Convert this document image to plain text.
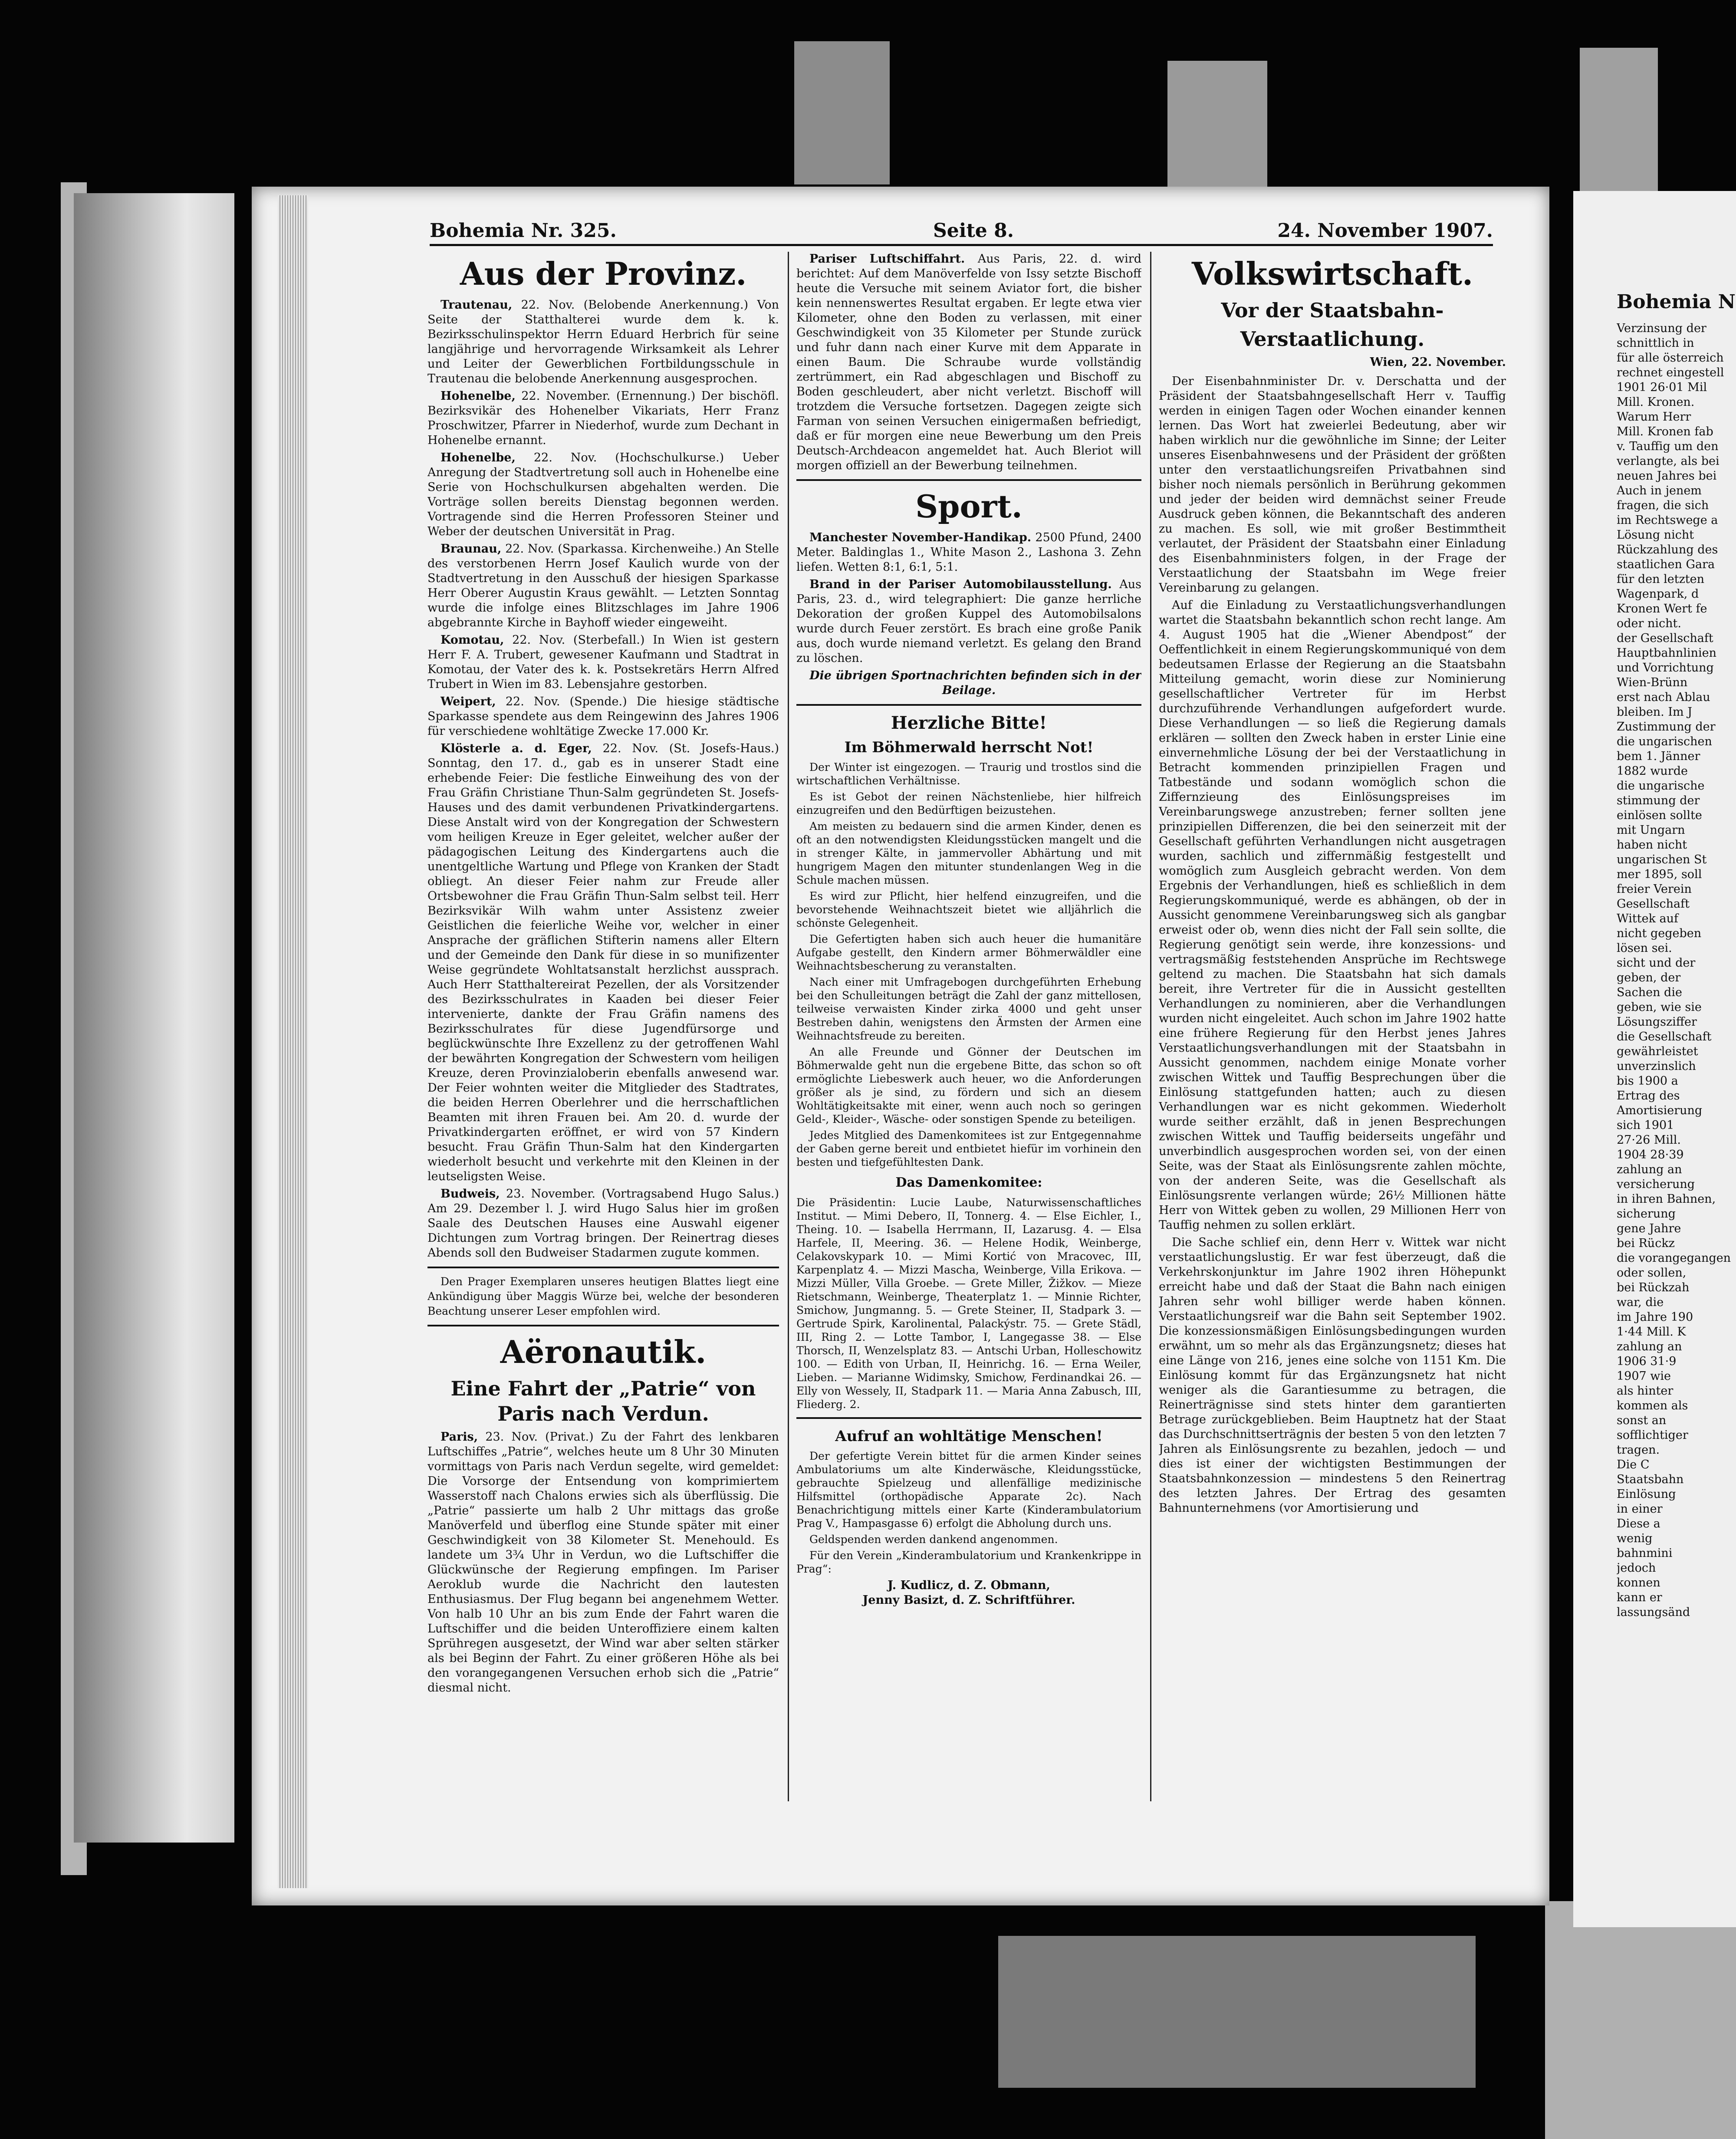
Bohemia Nr. 325.	Seite 8.	24. November 1907.
Aus der Provinz.

Trautenau, 22. Nov. (Belobende Anerkennung.) Von Seite der Statthalterei wurde dem k. k. Bezirksschulinspektor Herrn Eduard Herbrich für seine langjährige und hervorragende Wirksamkeit als Lehrer und Leiter der Gewerblichen Fortbildungsschule in Trautenau die belobende Anerkennung ausgesprochen.

Hohenelbe, 22. November. (Ernennung.) Der bischöfl. Bezirksvikär des Hohenelber Vikariats, Herr Franz Proschwitzer, Pfarrer in Niederhof, wurde zum Dechant in Hohenelbe ernannt.

Hohenelbe, 22. Nov. (Hochschulkurse.) Ueber Anregung der Stadtvertretung soll auch in Hohenelbe eine Serie von Hochschulkursen abgehalten werden. Die Vorträge sollen bereits Dienstag begonnen werden. Vortragende sind die Herren Professoren Steiner und Weber der deutschen Universität in Prag.

Braunau, 22. Nov. (Sparkassa. Kirchenweihe.) An Stelle des verstorbenen Herrn Josef Kaulich wurde von der Stadtvertretung in den Ausschuß der hiesigen Sparkasse Herr Oberer Augustin Kraus gewählt. — Letzten Sonntag wurde die infolge eines Blitzschlages im Jahre 1906 abgebrannte Kirche in Bayhoff wieder eingeweiht.

Komotau, 22. Nov. (Sterbefall.) In Wien ist gestern Herr F. A. Trubert, gewesener Kaufmann und Stadtrat in Komotau, der Vater des k. k. Postsekretärs Herrn Alfred Trubert in Wien im 83. Lebensjahre gestorben.

Weipert, 22. Nov. (Spende.) Die hiesige städtische Sparkasse spendete aus dem Reingewinn des Jahres 1906 für verschiedene wohltätige Zwecke 17.000 Kr.

Klösterle a. d. Eger, 22. Nov. (St. Josefs-Haus.) Sonntag, den 17. d., gab es in unserer Stadt eine erhebende Feier: Die festliche Einweihung des von der Frau Gräfin Christiane Thun-Salm gegründeten St. Josefs-Hauses und des damit verbundenen Privatkindergartens. Diese Anstalt wird von der Kongregation der Schwestern vom heiligen Kreuze in Eger geleitet, welcher außer der pädagogischen Leitung des Kindergartens auch die unentgeltliche Wartung und Pflege von Kranken der Stadt obliegt. An dieser Feier nahm zur Freude aller Ortsbewohner die Frau Gräfin Thun-Salm selbst teil. Herr Bezirksvikär Wilh wahm unter Assistenz zweier Geistlichen die feierliche Weihe vor, welcher in einer Ansprache der gräflichen Stifterin namens aller Eltern und der Gemeinde den Dank für diese in so munifizenter Weise gegründete Wohltatsanstalt herzlichst aussprach. Auch Herr Statthaltereirat Pezellen, der als Vorsitzender des Bezirksschulrates in Kaaden bei dieser Feier intervenierte, dankte der Frau Gräfin namens des Bezirksschulrates für diese Jugendfürsorge und beglückwünschte Ihre Exzellenz zu der getroffenen Wahl der bewährten Kongregation der Schwestern vom heiligen Kreuze, deren Provinzialoberin ebenfalls anwesend war. Der Feier wohnten weiter die Mitglieder des Stadtrates, die beiden Herren Oberlehrer und die herrschaftlichen Beamten mit ihren Frauen bei. Am 20. d. wurde der Privatkindergarten eröffnet, er wird von 57 Kindern besucht. Frau Gräfin Thun-Salm hat den Kindergarten wiederholt besucht und verkehrte mit den Kleinen in der leutseligsten Weise.

Budweis, 23. November. (Vortragsabend Hugo Salus.) Am 29. Dezember l. J. wird Hugo Salus hier im großen Saale des Deutschen Hauses eine Auswahl eigener Dichtungen zum Vortrag bringen. Der Reinertrag dieses Abends soll den Budweiser Stadarmen zugute kommen.

Den Prager Exemplaren unseres heutigen Blattes liegt eine Ankündigung über Maggis Würze bei, welche der besonderen Beachtung unserer Leser empfohlen wird.

Aëronautik.
Eine Fahrt der „Patrie“ von Paris nach Verdun.

Paris, 23. Nov. (Privat.) Zu der Fahrt des lenkbaren Luftschiffes „Patrie“, welches heute um 8 Uhr 30 Minuten vormittags von Paris nach Verdun segelte, wird gemeldet: Die Vorsorge der Entsendung von komprimiertem Wasserstoff nach Chalons erwies sich als überflüssig. Die „Patrie“ passierte um halb 2 Uhr mittags das große Manöverfeld und überflog eine Stunde später mit einer Geschwindigkeit von 38 Kilometer St. Menehould. Es landete um 3¾ Uhr in Verdun, wo die Luftschiffer die Glückwünsche der Regierung empfingen. Im Pariser Aeroklub wurde die Nachricht den lautesten Enthusiasmus. Der Flug begann bei angenehmem Wetter. Von halb 10 Uhr an bis zum Ende der Fahrt waren die Luftschiffer und die beiden Unteroffiziere einem kalten Sprühregen ausgesetzt, der Wind war aber selten stärker als bei Beginn der Fahrt. Zu einer größeren Höhe als bei den vorangegangenen Versuchen erhob sich die „Patrie“ diesmal nicht.

Pariser Luftschiffahrt. Aus Paris, 22. d. wird berichtet: Auf dem Manöverfelde von Issy setzte Bischoff heute die Versuche mit seinem Aviator fort, die bisher kein nennenswertes Resultat ergaben. Er legte etwa vier Kilometer, ohne den Boden zu verlassen, mit einer Geschwindigkeit von 35 Kilometer per Stunde zurück und fuhr dann nach einer Kurve mit dem Apparate in einen Baum. Die Schraube wurde vollständig zertrümmert, ein Rad abgeschlagen und Bischoff zu Boden geschleudert, aber nicht verletzt. Bischoff will trotzdem die Versuche fortsetzen. Dagegen zeigte sich Farman von seinen Versuchen einigermaßen befriedigt, daß er für morgen eine neue Bewerbung um den Preis Deutsch-Archdeacon angemeldet hat. Auch Bleriot will morgen offiziell an der Bewerbung teilnehmen.

Sport.

Manchester November-Handikap. 2500 Pfund, 2400 Meter. Baldinglas 1., White Mason 2., Lashona 3. Zehn liefen. Wetten 8:1, 6:1, 5:1.

Brand in der Pariser Automobilausstellung. Aus Paris, 23. d., wird telegraphiert: Die ganze herrliche Dekoration der großen Kuppel des Automobilsalons wurde durch Feuer zerstört. Es brach eine große Panik aus, doch wurde niemand verletzt. Es gelang den Brand zu löschen.

Die übrigen Sportnachrichten befinden sich in der Beilage.

Herzliche Bitte!
Im Böhmerwald herrscht Not!

Der Winter ist eingezogen. — Traurig und trostlos sind die wirtschaftlichen Verhältnisse.

Es ist Gebot der reinen Nächstenliebe, hier hilfreich einzugreifen und den Bedürftigen beizustehen.

Am meisten zu bedauern sind die armen Kinder, denen es oft an den notwendigsten Kleidungsstücken mangelt und die in strenger Kälte, in jammervoller Abhärtung und mit hungrigem Magen den mitunter stundenlangen Weg in die Schule machen müssen.

Es wird zur Pflicht, hier helfend einzugreifen, und die bevorstehende Weihnachtszeit bietet wie alljährlich die schönste Gelegenheit.

Die Gefertigten haben sich auch heuer die humanitäre Aufgabe gestellt, den Kindern armer Böhmerwäldler eine Weihnachtsbescherung zu veranstalten.

Nach einer mit Umfragebogen durchgeführten Erhebung bei den Schulleitungen beträgt die Zahl der ganz mittellosen, teilweise verwaisten Kinder zirka 4000 und geht unser Bestreben dahin, wenigstens den Ärmsten der Armen eine Weihnachtsfreude zu bereiten.

An alle Freunde und Gönner der Deutschen im Böhmerwalde geht nun die ergebene Bitte, das schon so oft ermöglichte Liebeswerk auch heuer, wo die Anforderungen größer als je sind, zu fördern und sich an diesem Wohltätigkeitsakte mit einer, wenn auch noch so geringen Geld-, Kleider-, Wäsche- oder sonstigen Spende zu beteiligen.

Jedes Mitglied des Damenkomitees ist zur Entgegennahme der Gaben gerne bereit und entbietet hiefür im vorhinein den besten und tiefgefühltesten Dank.

Das Damenkomitee:

Die Präsidentin: Lucie Laube, Naturwissenschaftliches Institut. — Mimi Debero, II, Tonnerg. 4. — Else Eichler, I., Theing. 10. — Isabella Herrmann, II, Lazarusg. 4. — Elsa Harfele, II, Meering. 36. — Helene Hodik, Weinberge, Celakovskypark 10. — Mimi Kortić von Mracovec, III, Karpenplatz 4. — Mizzi Mascha, Weinberge, Villa Erikova. — Mizzi Müller, Villa Groebe. — Grete Miller, Žižkov. — Mieze Rietschmann, Weinberge, Theaterplatz 1. — Minnie Richter, Smichow, Jungmanng. 5. — Grete Steiner, II, Stadpark 3. — Gertrude Spirk, Karolinental, Palackýstr. 75. — Grete Städl, III, Ring 2. — Lotte Tambor, I, Langegasse 38. — Else Thorsch, II, Wenzelsplatz 83. — Antschi Urban, Holleschowitz 100. — Edith von Urban, II, Heinrichg. 16. — Erna Weiler, Lieben. — Marianne Widimsky, Smichow, Ferdinandkai 26. — Elly von Wessely, II, Stadpark 11. — Maria Anna Zabusch, III, Fliederg. 2.

Aufruf an wohltätige Menschen!

Der gefertigte Verein bittet für die armen Kinder seines Ambulatoriums um alte Kinderwäsche, Kleidungsstücke, gebrauchte Spielzeug und allenfällige medizinische Hilfsmittel (orthopädische Apparate 2c). Nach Benachrichtigung mittels einer Karte (Kinderambulatorium Prag V., Hampasgasse 6) erfolgt die Abholung durch uns.

Geldspenden werden dankend angenommen.

Für den Verein „Kinderambulatorium und Krankenkrippe in Prag“:

J. Kudlicz, d. Z. Obmann,
Jenny Basizt, d. Z. Schriftführer.
Volkswirtschaft.
Vor der Staatsbahn-
Verstaatlichung.
Wien, 22. November.

Der Eisenbahnminister Dr. v. Derschatta und der Präsident der Staatsbahngesellschaft Herr v. Tauffig werden in einigen Tagen oder Wochen einander kennen lernen. Das Wort hat zweierlei Bedeutung, aber wir haben wirklich nur die gewöhnliche im Sinne; der Leiter unseres Eisenbahnwesens und der Präsident der größten unter den verstaatlichungsreifen Privatbahnen sind bisher noch niemals persönlich in Berührung gekommen und jeder der beiden wird demnächst seiner Freude Ausdruck geben können, die Bekanntschaft des anderen zu machen. Es soll, wie mit großer Bestimmtheit verlautet, der Präsident der Staatsbahn einer Einladung des Eisenbahnministers folgen, in der Frage der Verstaatlichung der Staatsbahn im Wege freier Vereinbarung zu gelangen.

Auf die Einladung zu Verstaatlichungsverhandlungen wartet die Staatsbahn bekanntlich schon recht lange. Am 4. August 1905 hat die „Wiener Abendpost“ der Oeffentlichkeit in einem Regierungskommuniqué von dem bedeutsamen Erlasse der Regierung an die Staatsbahn Mitteilung gemacht, worin diese zur Nominierung gesellschaftlicher Vertreter für im Herbst durchzuführende Verhandlungen aufgefordert wurde. Diese Verhandlungen — so ließ die Regierung damals erklären — sollten den Zweck haben in erster Linie eine einvernehmliche Lösung der bei der Verstaatlichung in Betracht kommenden prinzipiellen Fragen und Tatbestände und sodann womöglich schon die Ziffernzieung des Einlösungspreises im Vereinbarungswege anzustreben; ferner sollten jene prinzipiellen Differenzen, die bei den seinerzeit mit der Gesellschaft geführten Verhandlungen nicht ausgetragen wurden, sachlich und ziffernmäßig festgestellt und womöglich zum Ausgleich gebracht werden. Von dem Ergebnis der Verhandlungen, hieß es schließlich in dem Regierungskommuniqué, werde es abhängen, ob der in Aussicht genommene Vereinbarungsweg sich als gangbar erweist oder ob, wenn dies nicht der Fall sein sollte, die Regierung genötigt sein werde, ihre konzessions- und vertragsmäßig feststehenden Ansprüche im Rechtswege geltend zu machen. Die Staatsbahn hat sich damals bereit, ihre Vertreter für die in Aussicht gestellten Verhandlungen zu nominieren, aber die Verhandlungen wurden nicht eingeleitet. Auch schon im Jahre 1902 hatte eine frühere Regierung für den Herbst jenes Jahres Verstaatlichungsverhandlungen mit der Staatsbahn in Aussicht genommen, nachdem einige Monate vorher zwischen Wittek und Tauffig Besprechungen über die Einlösung stattgefunden hatten; auch zu diesen Verhandlungen war es nicht gekommen. Wiederholt wurde seither erzählt, daß in jenen Besprechungen zwischen Wittek und Tauffig beiderseits ungefähr und unverbindlich ausgesprochen worden sei, von der einen Seite, was der Staat als Einlösungsrente zahlen möchte, von der anderen Seite, was die Gesellschaft als Einlösungsrente verlangen würde; 26½ Millionen hätte Herr von Wittek geben zu wollen, 29 Millionen Herr von Tauffig nehmen zu sollen erklärt.

Die Sache schlief ein, denn Herr v. Wittek war nicht verstaatlichungslustig. Er war fest überzeugt, daß die Verkehrskonjunktur im Jahre 1902 ihren Höhepunkt erreicht habe und daß der Staat die Bahn nach einigen Jahren sehr wohl billiger werde haben können. Verstaatlichungsreif war die Bahn seit September 1902. Die konzessionsmäßigen Einlösungsbedingungen wurden erwähnt, um so mehr als das Ergänzungsnetz; dieses hat eine Länge von 216, jenes eine solche von 1151 Km. Die Einlösung kommt für das Ergänzungsnetz hat nicht weniger als die Garantiesumme zu betragen, die Reinerträgnisse sind stets hinter dem garantierten Betrage zurückgeblieben. Beim Hauptnetz hat der Staat das Durchschnittserträgnis der besten 5 von den letzten 7 Jahren als Einlösungsrente zu bezahlen, jedoch — und dies ist einer der wichtigsten Bestimmungen der Staatsbahnkonzession — mindestens 5 den Reinertrag des letzten Jahres. Der Ertrag des gesamten Bahnunternehmens (vor Amortisierung und

Bohemia N

Verzinsung der

schnittlich in

für alle österreich

rechnet eingestell

1901 26·01 Mil

Mill. Kronen.

Warum Herr

Mill. Kronen fab

v. Tauffig um den

verlangte, als bei

neuen Jahres bei

Auch in jenem

fragen, die sich

im Rechtswege a

Lösung nicht

Rückzahlung des

staatlichen Gara

für den letzten

Wagenpark, d

Kronen Wert fe

oder nicht.

der Gesellschaft

Hauptbahnlinien

und Vorrichtung

Wien-Brünn

erst nach Ablau

bleiben. Im J

Zustimmung der

die ungarischen

bem 1. Jänner

1882 wurde

die ungarische

stimmung der

einlösen sollte

mit Ungarn

haben nicht

ungarischen St

mer 1895, soll

freier Verein

Gesellschaft

Wittek auf

nicht gegeben

lösen sei.

sicht und der

geben, der

Sachen die

geben, wie sie

Lösungsziffer

die Gesellschaft

gewährleistet

unverzinslich

bis 1900 a

Ertrag des

Amortisierung

sich 1901

27·26 Mill.

1904 28·39

zahlung an

versicherung

in ihren Bahnen,

sicherung

gene Jahre

bei Rückz

die vorangegangen

oder sollen,

bei Rückzah

war, die

im Jahre 190

1·44 Mill. K

zahlung an

1906 31·9

1907 wie

als hinter

kommen als

sonst an

sofflichtiger

tragen.

Die C

Staatsbahn

Einlösung

in einer

Diese a

wenig

bahnmini

jedoch

konnen

kann er

lassungsänd
